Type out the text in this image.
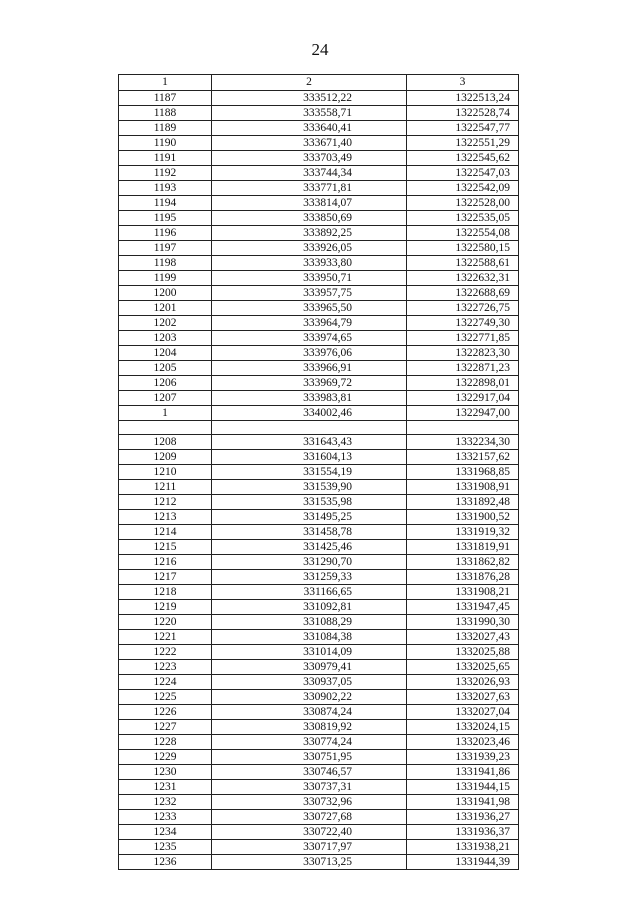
24
1	2	3
1187	333512,22	1322513,24
1188	333558,71	1322528,74
1189	333640,41	1322547,77
1190	333671,40	1322551,29
1191	333703,49	1322545,62
1192	333744,34	1322547,03
1193	333771,81	1322542,09
1194	333814,07	1322528,00
1195	333850,69	1322535,05
1196	333892,25	1322554,08
1197	333926,05	1322580,15
1198	333933,80	1322588,61
1199	333950,71	1322632,31
1200	333957,75	1322688,69
1201	333965,50	1322726,75
1202	333964,79	1322749,30
1203	333974,65	1322771,85
1204	333976,06	1322823,30
1205	333966,91	1322871,23
1206	333969,72	1322898,01
1207	333983,81	1322917,04
1	334002,46	1322947,00

1208	331643,43	1332234,30
1209	331604,13	1332157,62
1210	331554,19	1331968,85
1211	331539,90	1331908,91
1212	331535,98	1331892,48
1213	331495,25	1331900,52
1214	331458,78	1331919,32
1215	331425,46	1331819,91
1216	331290,70	1331862,82
1217	331259,33	1331876,28
1218	331166,65	1331908,21
1219	331092,81	1331947,45
1220	331088,29	1331990,30
1221	331084,38	1332027,43
1222	331014,09	1332025,88
1223	330979,41	1332025,65
1224	330937,05	1332026,93
1225	330902,22	1332027,63
1226	330874,24	1332027,04
1227	330819,92	1332024,15
1228	330774,24	1332023,46
1229	330751,95	1331939,23
1230	330746,57	1331941,86
1231	330737,31	1331944,15
1232	330732,96	1331941,98
1233	330727,68	1331936,27
1234	330722,40	1331936,37
1235	330717,97	1331938,21
1236	330713,25	1331944,39
